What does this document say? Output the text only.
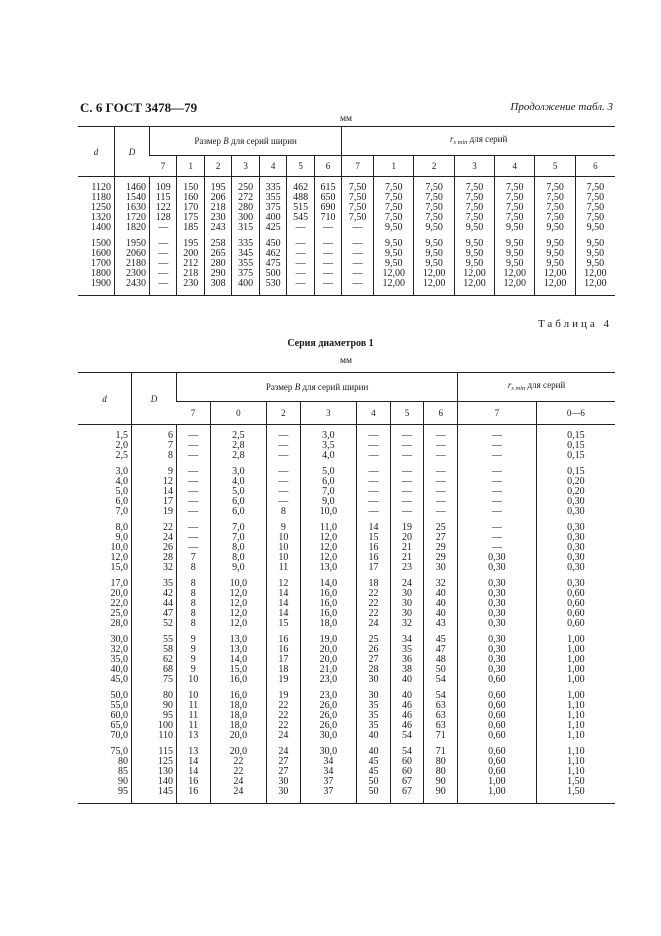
С. 6 ГОСТ 3478—79	Продолжение табл. 3
мм
d	D	Размер B для серий ширин							$r_{s min}$ для серий						
		7	1	2	3	4	5	6	7	1	2	3	4	5	6

1120	1460	109	150	195	250	335	462	615	7,50	7,50	7,50	7,50	7,50	7,50	7,50
1180	1540	115	160	206	272	355	488	650	7,50	7,50	7,50	7,50	7,50	7,50	7,50
1250	1630	122	170	218	280	375	515	690	7,50	7,50	7,50	7,50	7,50	7,50	7,50
1320	1720	128	175	230	300	400	545	710	7,50	7,50	7,50	7,50	7,50	7,50	7,50
1400	1820	—	185	243	315	425	—	—	—	9,50	9,50	9,50	9,50	9,50	9,50

1500	1950	—	195	258	335	450	—	—	—	9,50	9,50	9,50	9,50	9,50	9,50
1600	2060	—	200	265	345	462	—	—	—	9,50	9,50	9,50	9,50	9,50	9,50
1700	2180	—	212	280	355	475	—	—	—	9,50	9,50	9,50	9,50	9,50	9,50
1800	2300	—	218	290	375	500	—	—	—	12,00	12,00	12,00	12,00	12,00	12,00
1900	2430	—	230	308	400	530	—	—	—	12,00	12,00	12,00	12,00	12,00	12,00

Таблица 4
Серия диаметров 1
мм
d	D	Размер B для серий ширин							$r_{s min}$ для серий	
		7	0	2	3	4	5	6	7	0—6

1,5	6	—	2,5	—	3,0	—	—	—	—	0,15
2,0	7	—	2,8	—	3,5	—	—	—	—	0,15
2,5	8	—	2,8	—	4,0	—	—	—	—	0,15

3,0	9	—	3,0	—	5,0	—	—	—	—	0,15
4,0	12	—	4,0	—	6,0	—	—	—	—	0,20
5,0	14	—	5,0	—	7,0	—	—	—	—	0,20
6,0	17	—	6,0	—	9,0	—	—	—	—	0,30
7,0	19	—	6,0	8	10,0	—	—	—	—	0,30

8,0	22	—	7,0	9	11,0	14	19	25	—	0,30
9,0	24	—	7,0	10	12,0	15	20	27	—	0,30
10,0	26	—	8,0	10	12,0	16	21	29	—	0,30
12,0	28	7	8,0	10	12,0	16	21	29	0,30	0,30
15,0	32	8	9,0	11	13,0	17	23	30	0,30	0,30

17,0	35	8	10,0	12	14,0	18	24	32	0,30	0,30
20,0	42	8	12,0	14	16,0	22	30	40	0,30	0,60
22,0	44	8	12,0	14	16,0	22	30	40	0,30	0,60
25,0	47	8	12,0	14	16,0	22	30	40	0,30	0,60
28,0	52	8	12,0	15	18,0	24	32	43	0,30	0,60

30,0	55	9	13,0	16	19,0	25	34	45	0,30	1,00
32,0	58	9	13,0	16	20,0	26	35	47	0,30	1,00
35,0	62	9	14,0	17	20,0	27	36	48	0,30	1,00
40,0	68	9	15,0	18	21,0	28	38	50	0,30	1,00
45,0	75	10	16,0	19	23,0	30	40	54	0,60	1,00

50,0	80	10	16,0	19	23,0	30	40	54	0,60	1,00
55,0	90	11	18,0	22	26,0	35	46	63	0,60	1,10
60,0	95	11	18,0	22	26,0	35	46	63	0,60	1,10
65,0	100	11	18,0	22	26,0	35	46	63	0,60	1,10
70,0	110	13	20,0	24	30,0	40	54	71	0,60	1,10

75,0	115	13	20,0	24	30,0	40	54	71	0,60	1,10
80	125	14	22	27	34	45	60	80	0,60	1,10
85	130	14	22	27	34	45	60	80	0,60	1,10
90	140	16	24	30	37	50	67	90	1,00	1,50
95	145	16	24	30	37	50	67	90	1,00	1,50
